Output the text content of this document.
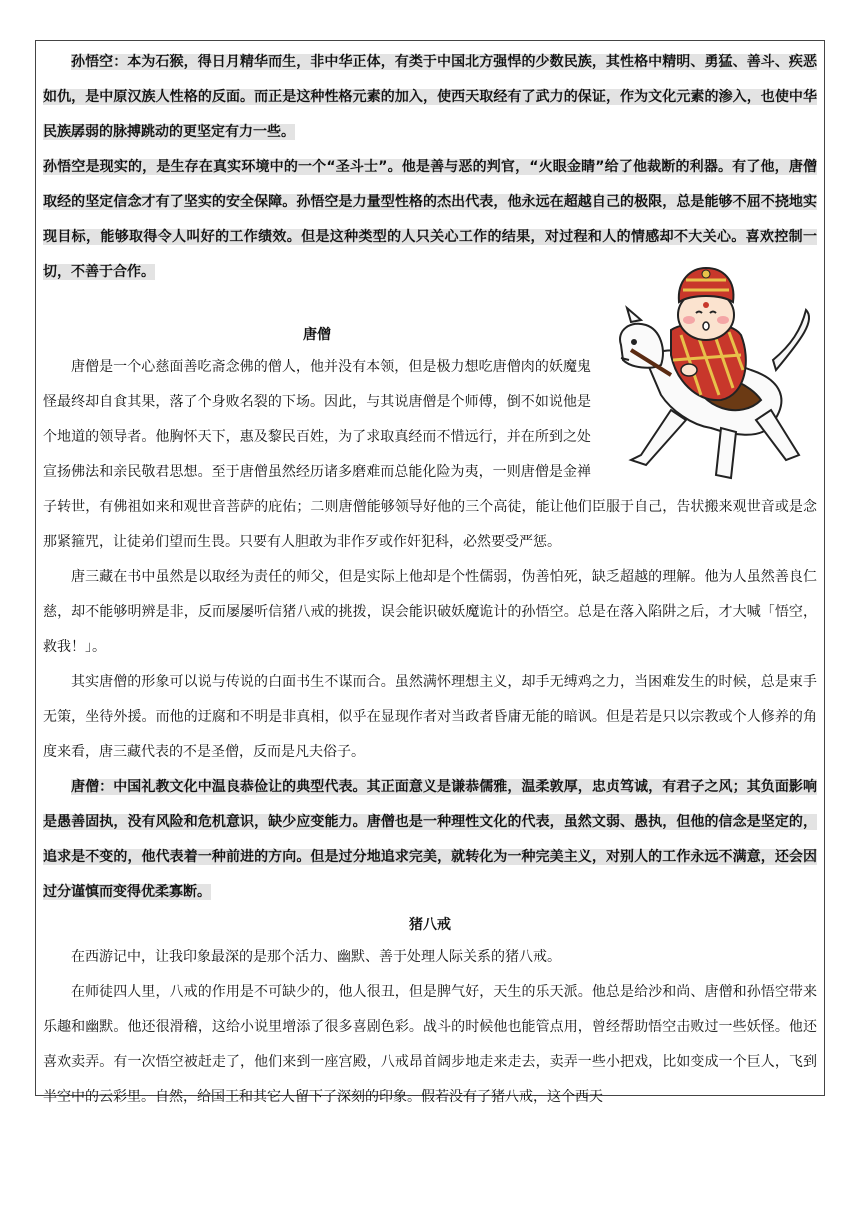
孙悟空：本为石猴，得日月精华而生，非中华正体，有类于中国北方强悍的少数民族，其性格中精明、勇猛、善斗、疾恶如仇，是中原汉族人性格的反面。而正是这种性格元素的加入，使西天取经有了武力的保证，作为文化元素的渗入，也使中华民族孱弱的脉搏跳动的更坚定有力一些。

孙悟空是现实的，是生存在真实环境中的一个“圣斗士”。他是善与恶的判官，“火眼金睛”给了他裁断的利器。有了他，唐僧取经的坚定信念才有了坚实的安全保障。孙悟空是力量型性格的杰出代表，他永远在超越自己的极限，总是能够不屈不挠地实现目标，能够取得令人叫好的工作绩效。但是这种类型的人只关心工作的结果，对过程和人的情感却不大关心。喜欢控制一切，不善于合作。

唐僧

唐僧是一个心慈面善吃斋念佛的僧人，他并没有本领，但是极力想吃唐僧肉的妖魔鬼怪最终却自食其果，落了个身败名裂的下场。因此，与其说唐僧是个师傅，倒不如说他是个地道的领导者。他胸怀天下，惠及黎民百姓，为了求取真经而不惜远行，并在所到之处宣扬佛法和亲民敬君思想。至于唐僧虽然经历诸多磨难而总能化险为夷，一则唐僧是金禅子转世，有佛祖如来和观世音菩萨的庇佑；二则唐僧能够领导好他的三个高徒，能让他们臣服于自己，告状搬来观世音或是念那紧箍咒，让徒弟们望而生畏。只要有人胆敢为非作歹或作奸犯科，必然要受严惩。

唐三藏在书中虽然是以取经为责任的师父，但是实际上他却是个性儒弱，伪善怕死，缺乏超越的理解。他为人虽然善良仁慈，却不能够明辨是非，反而屡屡听信猪八戒的挑拨，误会能识破妖魔诡计的孙悟空。总是在落入陷阱之后，才大喊「悟空，救我！」。

其实唐僧的形象可以说与传说的白面书生不谋而合。虽然满怀理想主义，却手无缚鸡之力，当困难发生的时候，总是束手无策，坐待外援。而他的迂腐和不明是非真相，似乎在显现作者对当政者昏庸无能的暗讽。但是若是只以宗教或个人修养的角度来看，唐三藏代表的不是圣僧，反而是凡夫俗子。

唐僧：中国礼教文化中温良恭俭让的典型代表。其正面意义是谦恭儒雅，温柔敦厚，忠贞笃诚，有君子之风；其负面影响是愚善固执，没有风险和危机意识，缺少应变能力。唐僧也是一种理性文化的代表，虽然文弱、愚执，但他的信念是坚定的，追求是不变的，他代表着一种前进的方向。但是过分地追求完美，就转化为一种完美主义，对别人的工作永远不满意，还会因过分谨慎而变得优柔寡断。

猪八戒

在西游记中，让我印象最深的是那个活力、幽默、善于处理人际关系的猪八戒。

在师徒四人里，八戒的作用是不可缺少的，他人很丑，但是脾气好，天生的乐天派。他总是给沙和尚、唐僧和孙悟空带来乐趣和幽默。他还很滑稽，这给小说里增添了很多喜剧色彩。战斗的时候他也能管点用，曾经帮助悟空击败过一些妖怪。他还喜欢卖弄。有一次悟空被赶走了，他们来到一座宫殿，八戒昂首阔步地走来走去，卖弄一些小把戏，比如变成一个巨人，飞到半空中的云彩里。自然，给国王和其它人留下了深刻的印象。假若没有了猪八戒，这个西天
